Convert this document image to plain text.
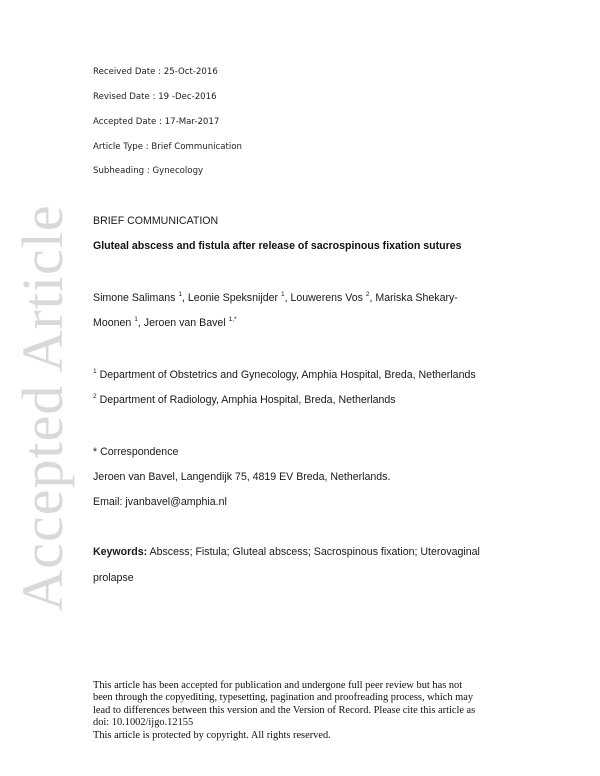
Accepted Article
Received Date : 25-Oct-2016
Revised Date : 19 -Dec-2016
Accepted Date : 17-Mar-2017
Article Type : Brief Communication
Subheading : Gynecology
BRIEF COMMUNICATION
Gluteal abscess and fistula after release of sacrospinous fixation sutures
Simone Salimans $^1$, Leonie Speksnijder $^1$, Louwerens Vos $^2$, Mariska Shekary-
Moonen $^1$, Jeroen van Bavel $^{1,*}$
$^1$ Department of Obstetrics and Gynecology, Amphia Hospital, Breda, Netherlands
$^2$ Department of Radiology, Amphia Hospital, Breda, Netherlands
* Correspondence
Jeroen van Bavel, Langendijk 75, 4819 EV Breda, Netherlands.
Email: jvanbavel@amphia.nl
Keywords: Abscess; Fistula; Gluteal abscess; Sacrospinous fixation; Uterovaginal
prolapse
This article has been accepted for publication and undergone full peer review but has not
been through the copyediting, typesetting, pagination and proofreading process, which may
lead to differences between this version and the Version of Record. Please cite this article as
doi: 10.1002/ijgo.12155
This article is protected by copyright. All rights reserved.
